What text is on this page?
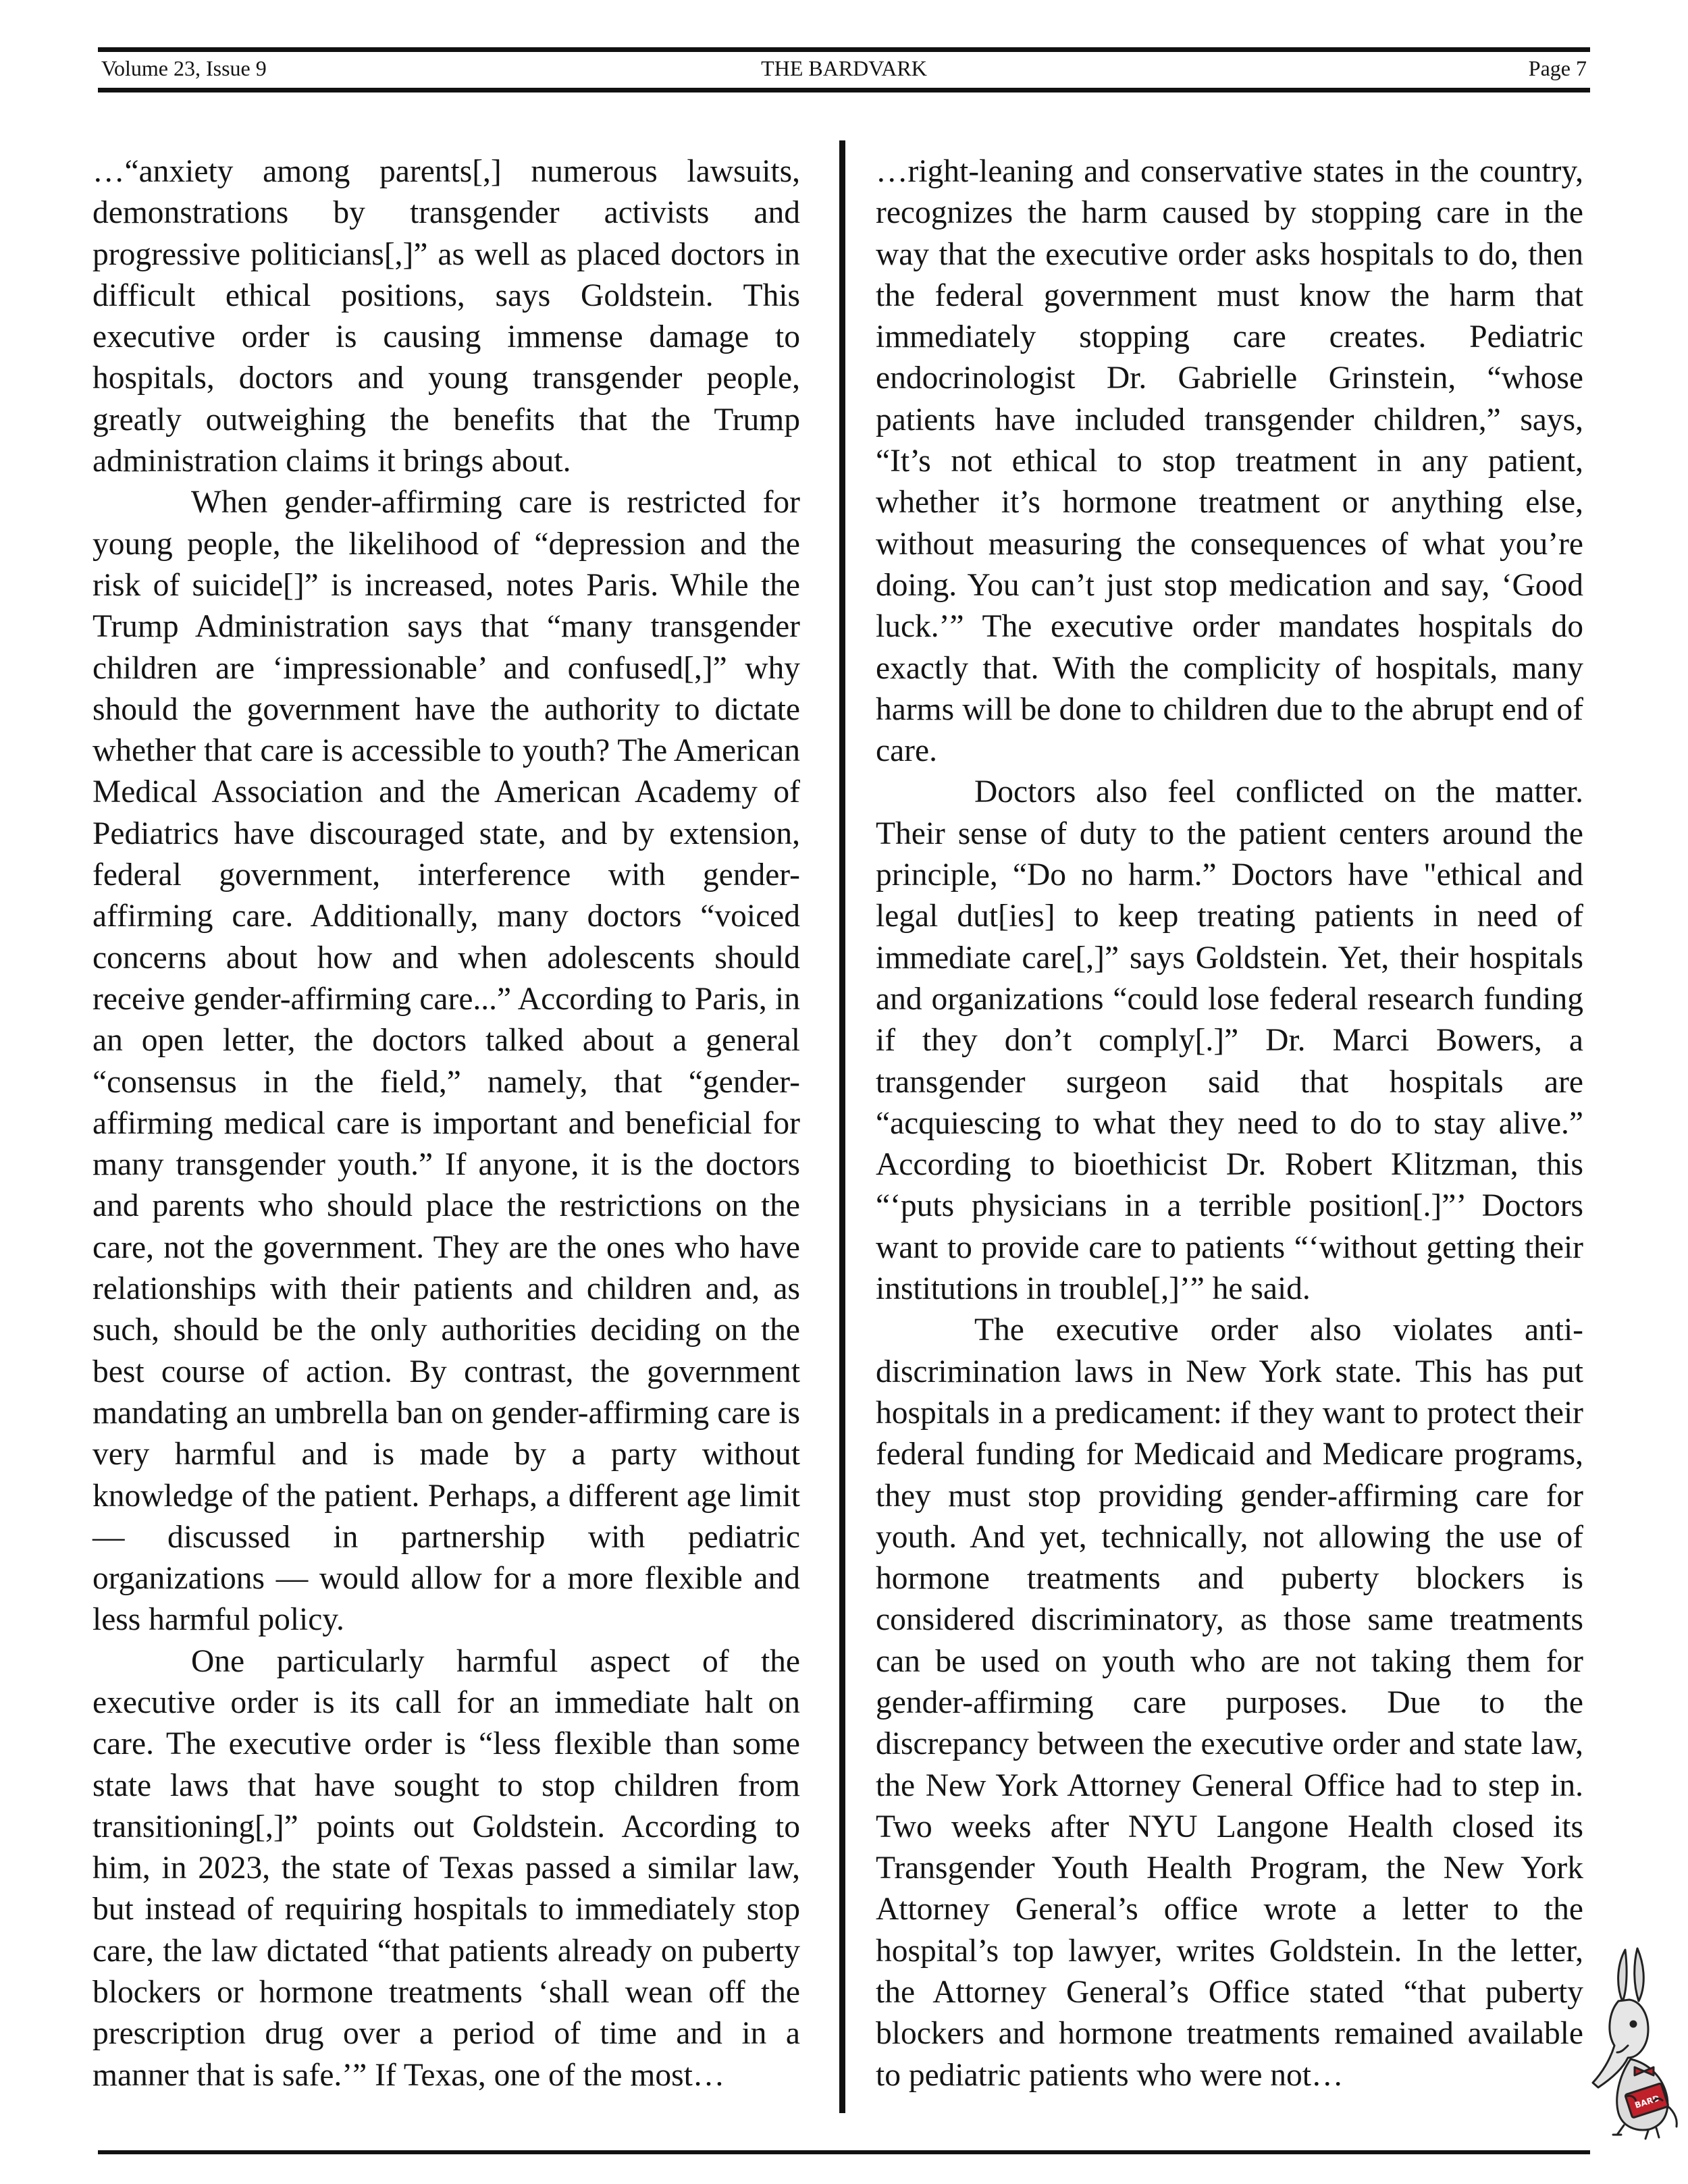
Volume 23, Issue 9	THE BARDVARK	Page 7

…“anxiety among parents[,] numerous lawsuits, demonstrations by transgender activists and progressive politicians[,]” as well as placed doctors in difficult ethical positions, says Goldstein. This executive order is causing immense damage to hospitals, doctors and young transgender people, greatly outweighing the benefits that the Trump administration claims it brings about.

When gender-affirming care is restricted for young people, the likelihood of “depression and the risk of suicide[]” is increased, notes Paris. While the Trump Administration says that “many transgender children are ‘impressionable’ and confused[,]” why should the government have the authority to dictate whether that care is accessible to youth? The American Medical Association and the American Academy of Pediatrics have discouraged state, and by extension, federal government, interference with gender-affirming care. Additionally, many doctors “voiced concerns about how and when adolescents should receive gender-affirming care...” According to Paris, in an open letter, the doctors talked about a general “consensus in the field,” namely, that “gender-affirming medical care is important and beneficial for many transgender youth.” If anyone, it is the doctors and parents who should place the restrictions on the care, not the government. They are the ones who have relationships with their patients and children and, as such, should be the only authorities deciding on the best course of action. By contrast, the government mandating an umbrella ban on gender-affirming care is very harmful and is made by a party without knowledge of the patient. Perhaps, a different age limit — discussed in partnership with pediatric organizations — would allow for a more flexible and less harmful policy.

One particularly harmful aspect of the executive order is its call for an immediate halt on care. The executive order is “less flexible than some state laws that have sought to stop children from transitioning[,]” points out Goldstein. According to him, in 2023, the state of Texas passed a similar law, but instead of requiring hospitals to immediately stop care, the law dictated “that patients already on puberty blockers or hormone treatments ‘shall wean off the prescription drug over a period of time and in a manner that is safe.’” If Texas, one of the most…

…right-leaning and conservative states in the country, recognizes the harm caused by stopping care in the way that the executive order asks hospitals to do, then the federal government must know the harm that immediately stopping care creates. Pediatric endocrinologist Dr. Gabrielle Grinstein, “whose patients have included transgender children,” says, “It’s not ethical to stop treatment in any patient, whether it’s hormone treatment or anything else, without measuring the consequences of what you’re doing. You can’t just stop medication and say, ‘Good luck.’” The executive order mandates hospitals do exactly that. With the complicity of hospitals, many harms will be done to children due to the abrupt end of care.

Doctors also feel conflicted on the matter. Their sense of duty to the patient centers around the principle, “Do no harm.” Doctors have "ethical and legal dut[ies] to keep treating patients in need of immediate care[,]” says Goldstein. Yet, their hospitals and organizations “could lose federal research funding if they don’t comply[.]” Dr. Marci Bowers, a transgender surgeon said that hospitals are “acquiescing to what they need to do to stay alive.” According to bioethicist Dr. Robert Klitzman, this “‘puts physicians in a terrible position[.]”’ Doctors want to provide care to patients “‘without getting their institutions in trouble[,]’” he said.

The executive order also violates anti-discrimination laws in New York state. This has put hospitals in a predicament: if they want to protect their federal funding for Medicaid and Medicare programs, they must stop providing gender-affirming care for youth. And yet, technically, not allowing the use of hormone treatments and puberty blockers is considered discriminatory, as those same treatments can be used on youth who are not taking them for gender-affirming care purposes. Due to the discrepancy between the executive order and state law, the New York Attorney General Office had to step in. Two weeks after NYU Langone Health closed its Transgender Youth Health Program, the New York Attorney General’s office wrote a letter to the hospital’s top lawyer, writes Goldstein. In the letter, the Attorney General’s Office stated “that puberty blockers and hormone treatments remained available to pediatric patients who were not…

BARD
